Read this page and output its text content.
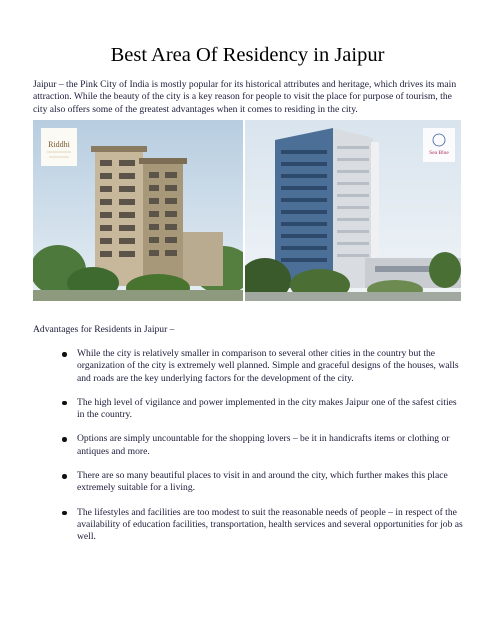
Best Area Of Residency in Jaipur
Jaipur – the Pink City of India is mostly popular for its historical attributes and heritage, which drives its main attraction. While the beauty of the city is a key reason for people to visit the place for purpose of tourism, the city also offers some of the greatest advantages when it comes to residing in the city.
Riddhi
Sea Blue
Advantages for Residents in Jaipur –
While the city is relatively smaller in comparison to several other cities in the country but the organization of the city is extremely well planned. Simple and graceful designs of the houses, walls and roads are the key underlying factors for the development of the city.
The high level of vigilance and power implemented in the city makes Jaipur one of the safest cities in the country.
Options are simply uncountable for the shopping lovers – be it in handicrafts items or clothing or antiques and more.
There are so many beautiful places to visit in and around the city, which further makes this place extremely suitable for a living.
The lifestyles and facilities are too modest to suit the reasonable needs of people – in respect of the availability of education facilities, transportation, health services and several opportunities for job as well.
